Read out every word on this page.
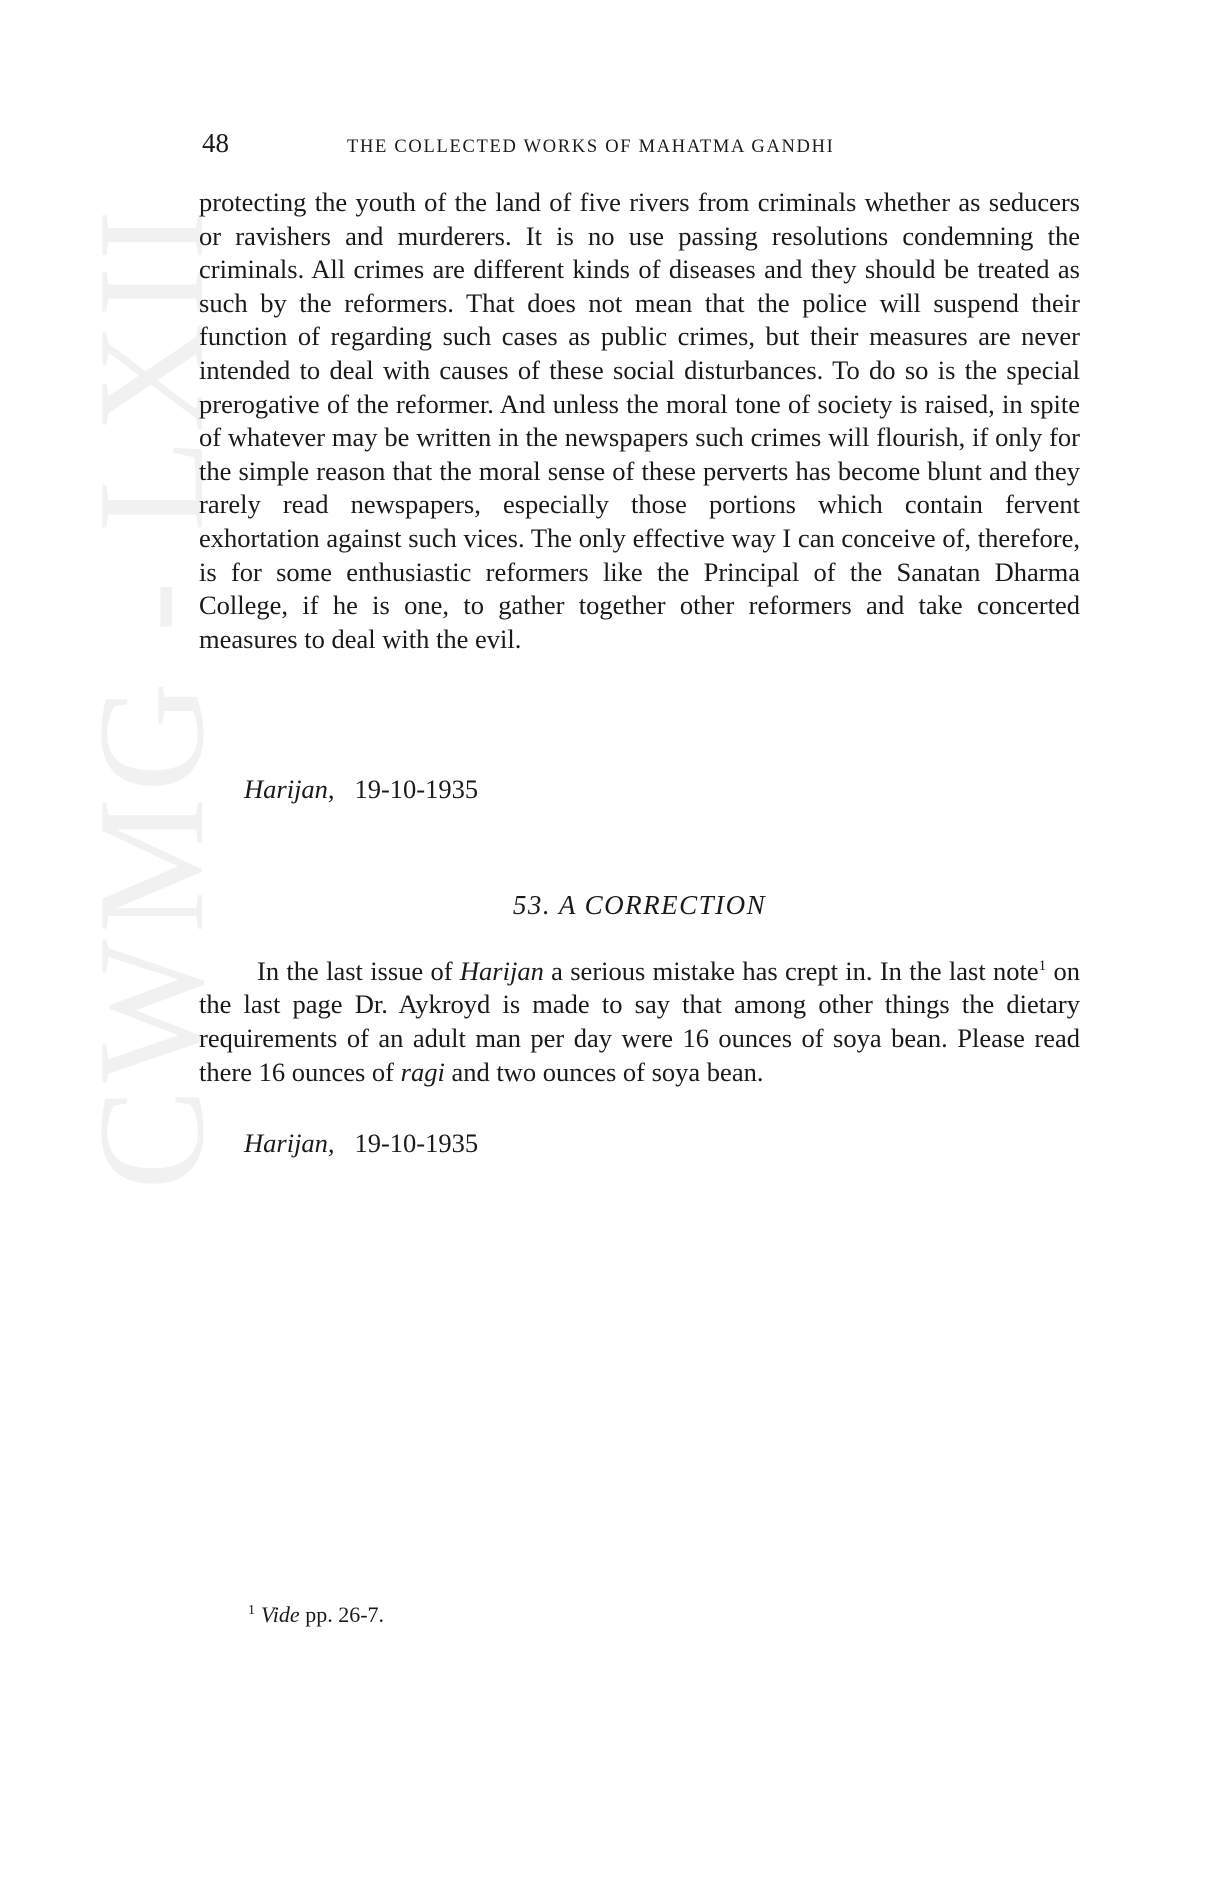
CWMG - LXII
48	THE COLLECTED WORKS OF MAHATMA GANDHI

protecting the youth of the land of five rivers from criminals whether as seducers or ravishers and murderers. It is no use passing resolutions condemning the criminals. All crimes are different kinds of diseases and they should be treated as such by the reformers. That does not mean that the police will suspend their function of regarding such cases as public crimes, but their measures are never intended to deal with causes of these social disturbances. To do so is the special prerogative of the reformer. And unless the moral tone of society is raised, in spite of whatever may be written in the newspapers such crimes will flourish, if only for the simple reason that the moral sense of these perverts has become blunt and they rarely read newspapers, especially those portions which contain fervent exhortation against such vices. The only effective way I can conceive of, therefore, is for some enthusiastic reformers like the Principal of the Sanatan Dharma College, if he is one, to gather together other reformers and take concerted measures to deal with the evil.

Harijan, 19-10-1935
53. A CORRECTION

In the last issue of Harijan a serious mistake has crept in. In the last note$^1$ on the last page Dr. Aykroyd is made to say that among other things the dietary requirements of an adult man per day were 16 ounces of soya bean. Please read there 16 ounces of ragi and two ounces of soya bean.

Harijan, 19-10-1935
$^1$ Vide pp. 26-7.
